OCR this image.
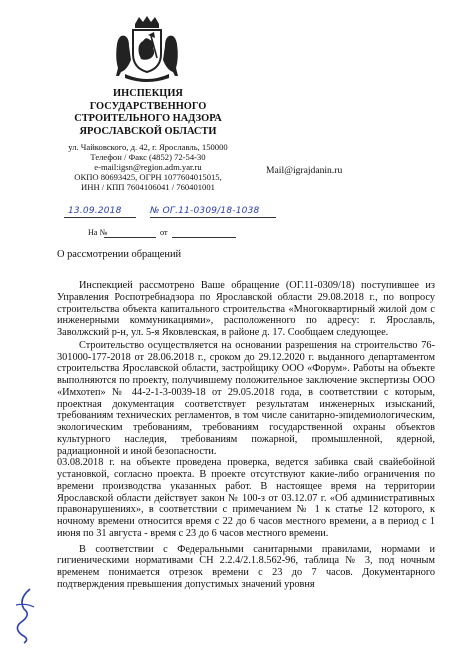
ИНСПЕКЦИЯ
ГОСУДАРСТВЕННОГО
СТРОИТЕЛЬНОГО НАДЗОРА
ЯРОСЛАВСКОЙ ОБЛАСТИ
ул. Чайковского, д. 42, г. Ярославль, 150000
Телефон / Факс (4852) 72-54-30
e-mail:igsn@region.adm.yar.ru
ОКПО 80693425, ОГРН 1077604015015,
ИНН / КПП 7604106041 / 760401001
Mail@igrajdanin.ru
13.09.2018	№ ОГ.11-0309/18-1038
На №	от
О рассмотрении обращений

Инспекцией рассмотрено Ваше обращение (ОГ.11-0309/18) поступившее из Управления Роспотребнадзора по Ярославской области 29.08.2018 г., по вопросу строительства объекта капитального строительства «Многоквартирный жилой дом с инженерными коммуникациями», расположенного по адресу: г. Ярославль, Заволжский р-н, ул. 5-я Яковлевская, в районе д. 17. Сообщаем следующее.

Строительство осуществляется на основании разрешения на строительство 76- 301000-177-2018 от 28.06.2018 г., сроком до 29.12.2020 г. выданного департаментом строительства Ярославской области, застройщику ООО «Форум». Работы на объекте выполняются по проекту, получившему положительное заключение экспертизы ООО «Имхотеп» № 44-2-1-3-0039-18 от 29.05.2018 года, в соответствии с которым, проектная документация соответствует результатам инженерных изысканий, требованиям технических регламентов, в том числе санитарно-эпидемиологическим, экологическим требованиям, требованиям государственной охраны объектов культурного наследия, требованиям пожарной, промышленной, ядерной, радиационной и иной безопасности.

03.08.2018 г. на объекте проведена проверка, ведется забивка свай свайебойной установкой, согласно проекта. В проекте отсутствуют какие-либо ограничения по времени производства указанных работ. В настоящее время на территории Ярославской области действует закон № 100-з от 03.12.07 г. «Об административных правонарушениях», в соответствии с примечанием № 1 к статье 12 которого, к ночному времени относится время с 22 до 6 часов местного времени, а в период с 1 июня по 31 августа - время с 23 до 6 часов местного времени.

В соответствии с Федеральными санитарными правилами, нормами и гигиеническими нормативами СН 2.2.4/2.1.8.562-96, таблица № 3, под ночным временем понимается отрезок времени с 23 до 7 часов. Документарного подтверждения превышения допустимых значений уровня
